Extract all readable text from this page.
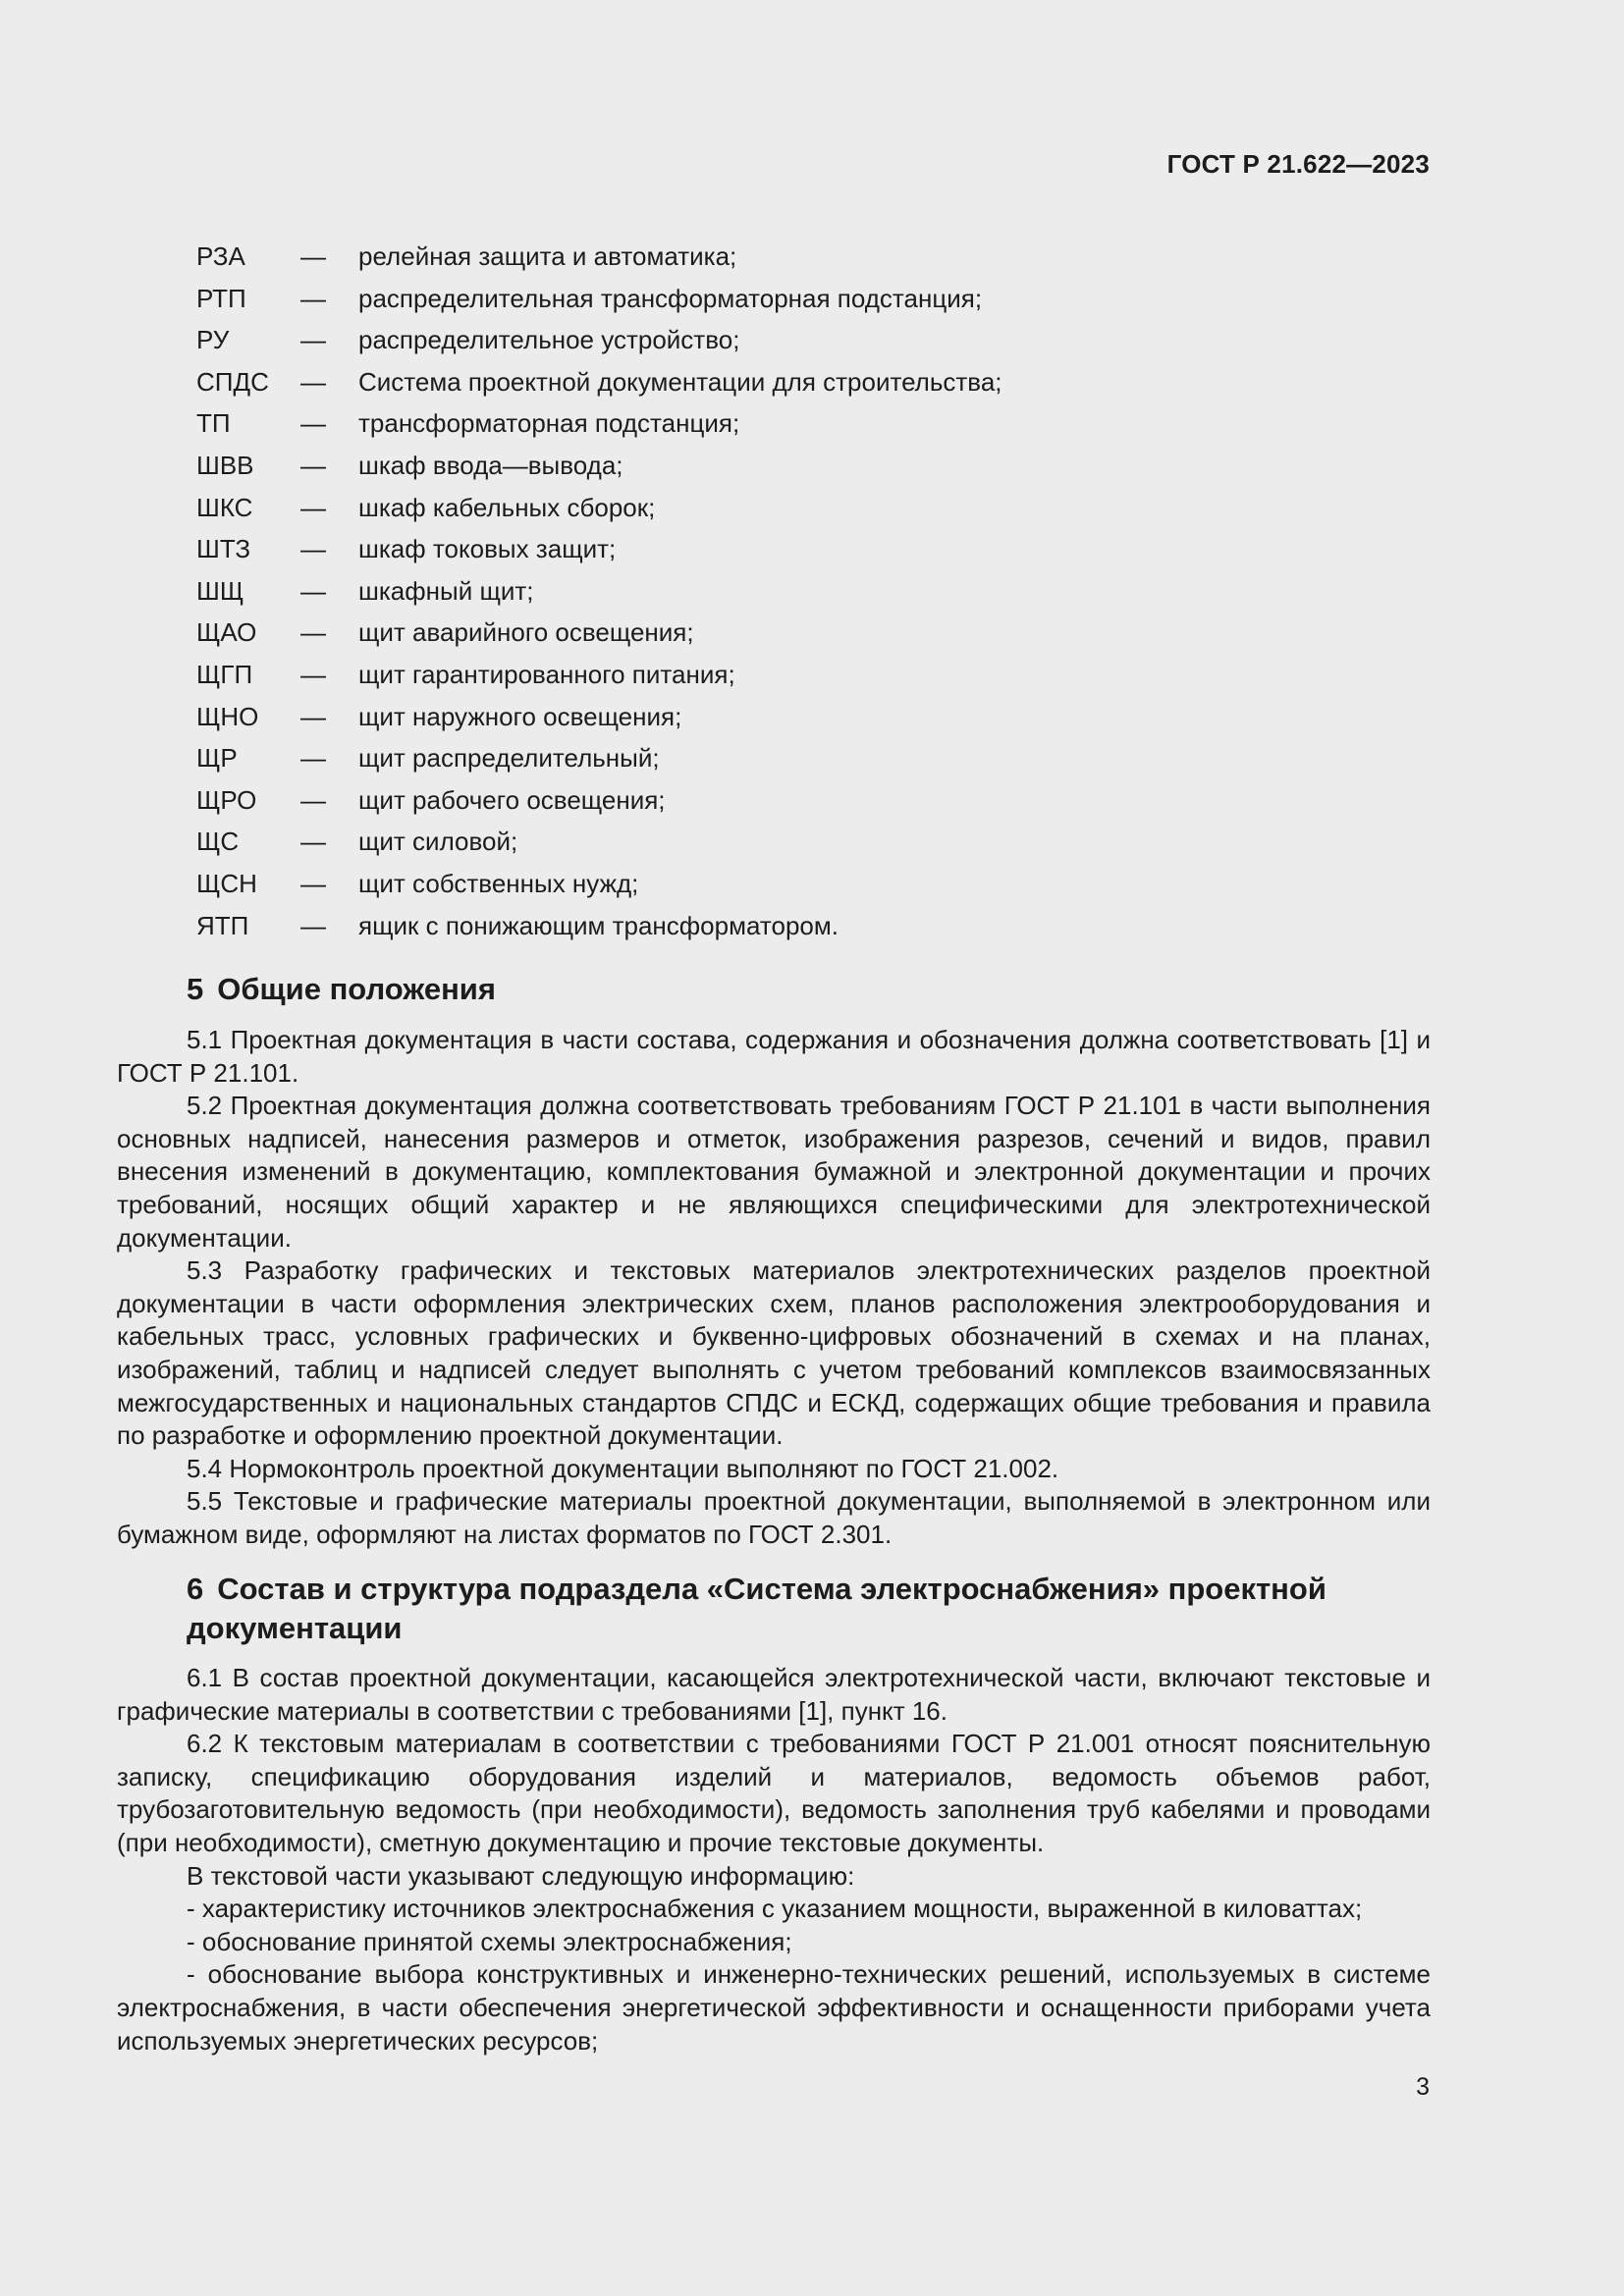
ГОСТ Р 21.622—2023
РЗА — релейная защита и автоматика;
РТП — распределительная трансформаторная подстанция;
РУ	— распределительное устройство;
СПДС — Система проектной документации для строительства;
ТП	— трансформаторная подстанция;
ШВВ — шкаф ввода—вывода;
ШКС — шкаф кабельных сборок;
ШТЗ — шкаф токовых защит;
ШЩ — шкафный щит;
ЩАО — щит аварийного освещения;
ЩГП — щит гарантированного питания;
ЩНО — щит наружного освещения;
ЩР — щит распределительный;
ЩРО — щит рабочего освещения;
ЩС — щит силовой;
ЩСН — щит собственных нужд;
ЯТП — ящик с понижающим трансформатором.
5 Общие положения

5.1 Проектная документация в части состава, содержания и обозначения должна соответствовать [1] и ГОСТ Р 21.101.

5.2 Проектная документация должна соответствовать требованиям ГОСТ Р 21.101 в части выполнения основных надписей, нанесения размеров и отметок, изображения разрезов, сечений и видов, правил внесения изменений в документацию, комплектования бумажной и электронной документации и прочих требований, носящих общий характер и не являющихся специфическими для электротехнической документации.

5.3 Разработку графических и текстовых материалов электротехнических разделов проектной документации в части оформления электрических схем, планов расположения электрооборудования и кабельных трасс, условных графических и буквенно-цифровых обозначений в схемах и на планах, изображений, таблиц и надписей следует выполнять с учетом требований комплексов взаимосвязанных межгосударственных и национальных стандартов СПДС и ЕСКД, содержащих общие требования и правила по разработке и оформлению проектной документации.

5.4 Нормоконтроль проектной документации выполняют по ГОСТ 21.002.

5.5 Текстовые и графические материалы проектной документации, выполняемой в электронном или бумажном виде, оформляют на листах форматов по ГОСТ 2.301.

6 Состав и структура подраздела «Система электроснабжения» проектной документации

6.1 В состав проектной документации, касающейся электротехнической части, включают текстовые и графические материалы в соответствии с требованиями [1], пункт 16.

6.2 К текстовым материалам в соответствии с требованиями ГОСТ Р 21.001 относят пояснительную записку, спецификацию оборудования изделий и материалов, ведомость объемов работ, трубозаготовительную ведомость (при необходимости), ведомость заполнения труб кабелями и проводами (при необходимости), сметную документацию и прочие текстовые документы.

В текстовой части указывают следующую информацию:

- характеристику источников электроснабжения с указанием мощности, выраженной в киловаттах;

- обоснование принятой схемы электроснабжения;

- обоснование выбора конструктивных и инженерно-технических решений, используемых в системе электроснабжения, в части обеспечения энергетической эффективности и оснащенности приборами учета используемых энергетических ресурсов;

3
